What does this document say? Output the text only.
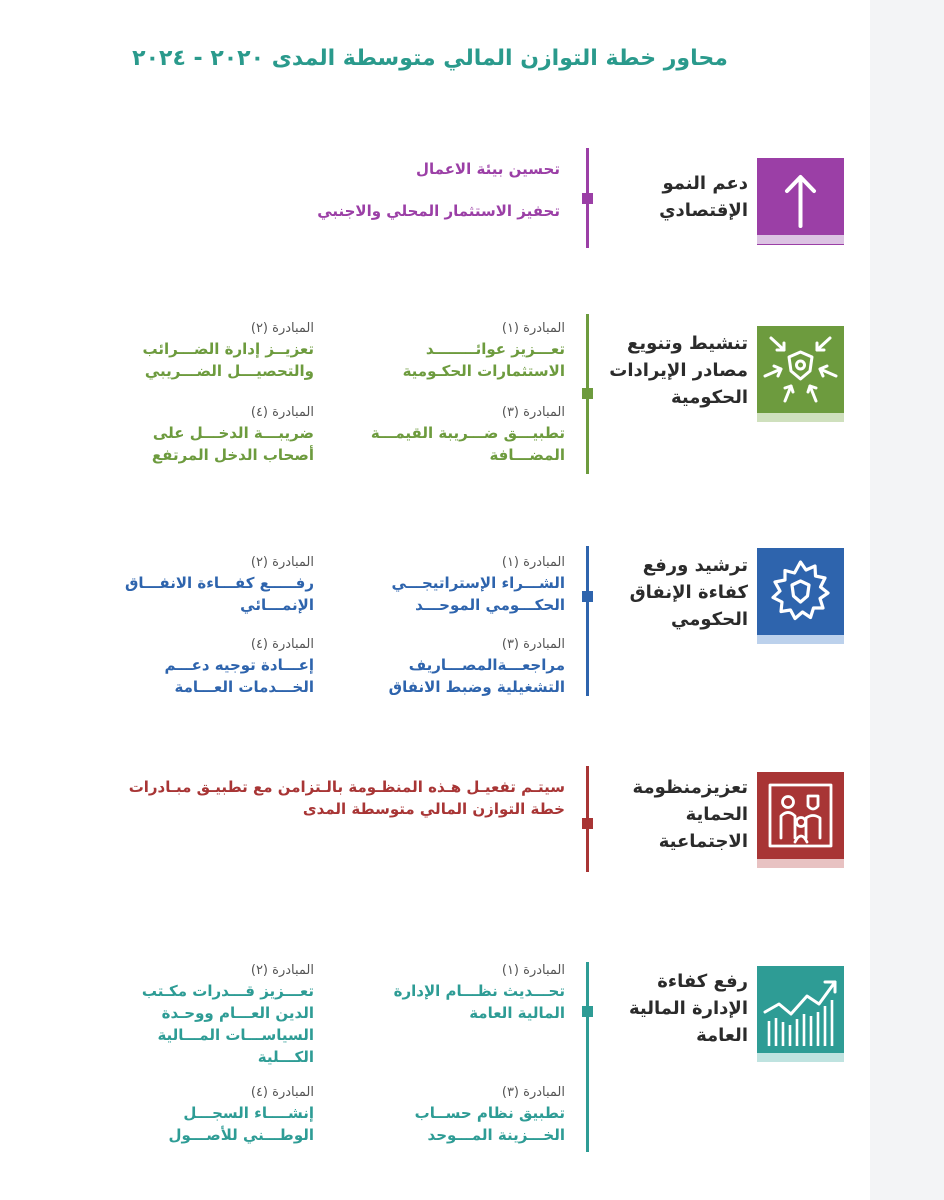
محاور خطة التوازن المالي متوسطة المدى ٢٠٢٠ - ٢٠٢٤
دعم النمو الإقتصادي
تحسين بيئة الاعمال
تحفيز الاستثمار المحلي والاجنبي
تنشيط وتنويع مصادر الإيرادات الحكومية
المبادرة (١)
تعـــزيز عوائــــــــد الاستثمارات الحكـومية
المبادرة (٢)
تعزيــز إدارة الضـــرائب والتحصيـــل الضـــريبي
المبادرة (٣)
تطبيـــق ضـــريبة القيمـــة المضـــافة
المبادرة (٤)
ضريبـــة الدخـــل على أصحاب الدخل المرتفع
ترشيد ورفع كفاءة الإنفاق الحكومي
المبادرة (١)
الشـــراء الإستراتيجـــي الحكـــومي الموحـــد
المبادرة (٢)
رفـــــع كفـــاءة الانفـــاق الإنمـــائي
المبادرة (٣)
مراجعـــةالمصـــاريف التشغيلية وضبط الانفاق
المبادرة (٤)
إعـــادة توجيه دعـــم الخـــدمات العـــامة
تعزيزمنظومة الحماية الاجتماعية
سيتـم تفعيـل هـذه المنظـومة بالـتزامن مع تطبيـق مبـادرات خطة التوازن المالي متوسطة المدى
رفع كفاءة الإدارة المالية العامة
المبادرة (١)
تحـــديث نظـــام الإدارة المالية العامة
المبادرة (٢)
تعـــزيز قـــدرات مكـتب الدين العـــام ووحـدة السياســـات المـــالية الكـــلية
المبادرة (٣)
تطبيق نظام حســاب الخـــزينة المـــوحد
المبادرة (٤)
إنشــــاء السجـــل الوطـــني للأصـــول
